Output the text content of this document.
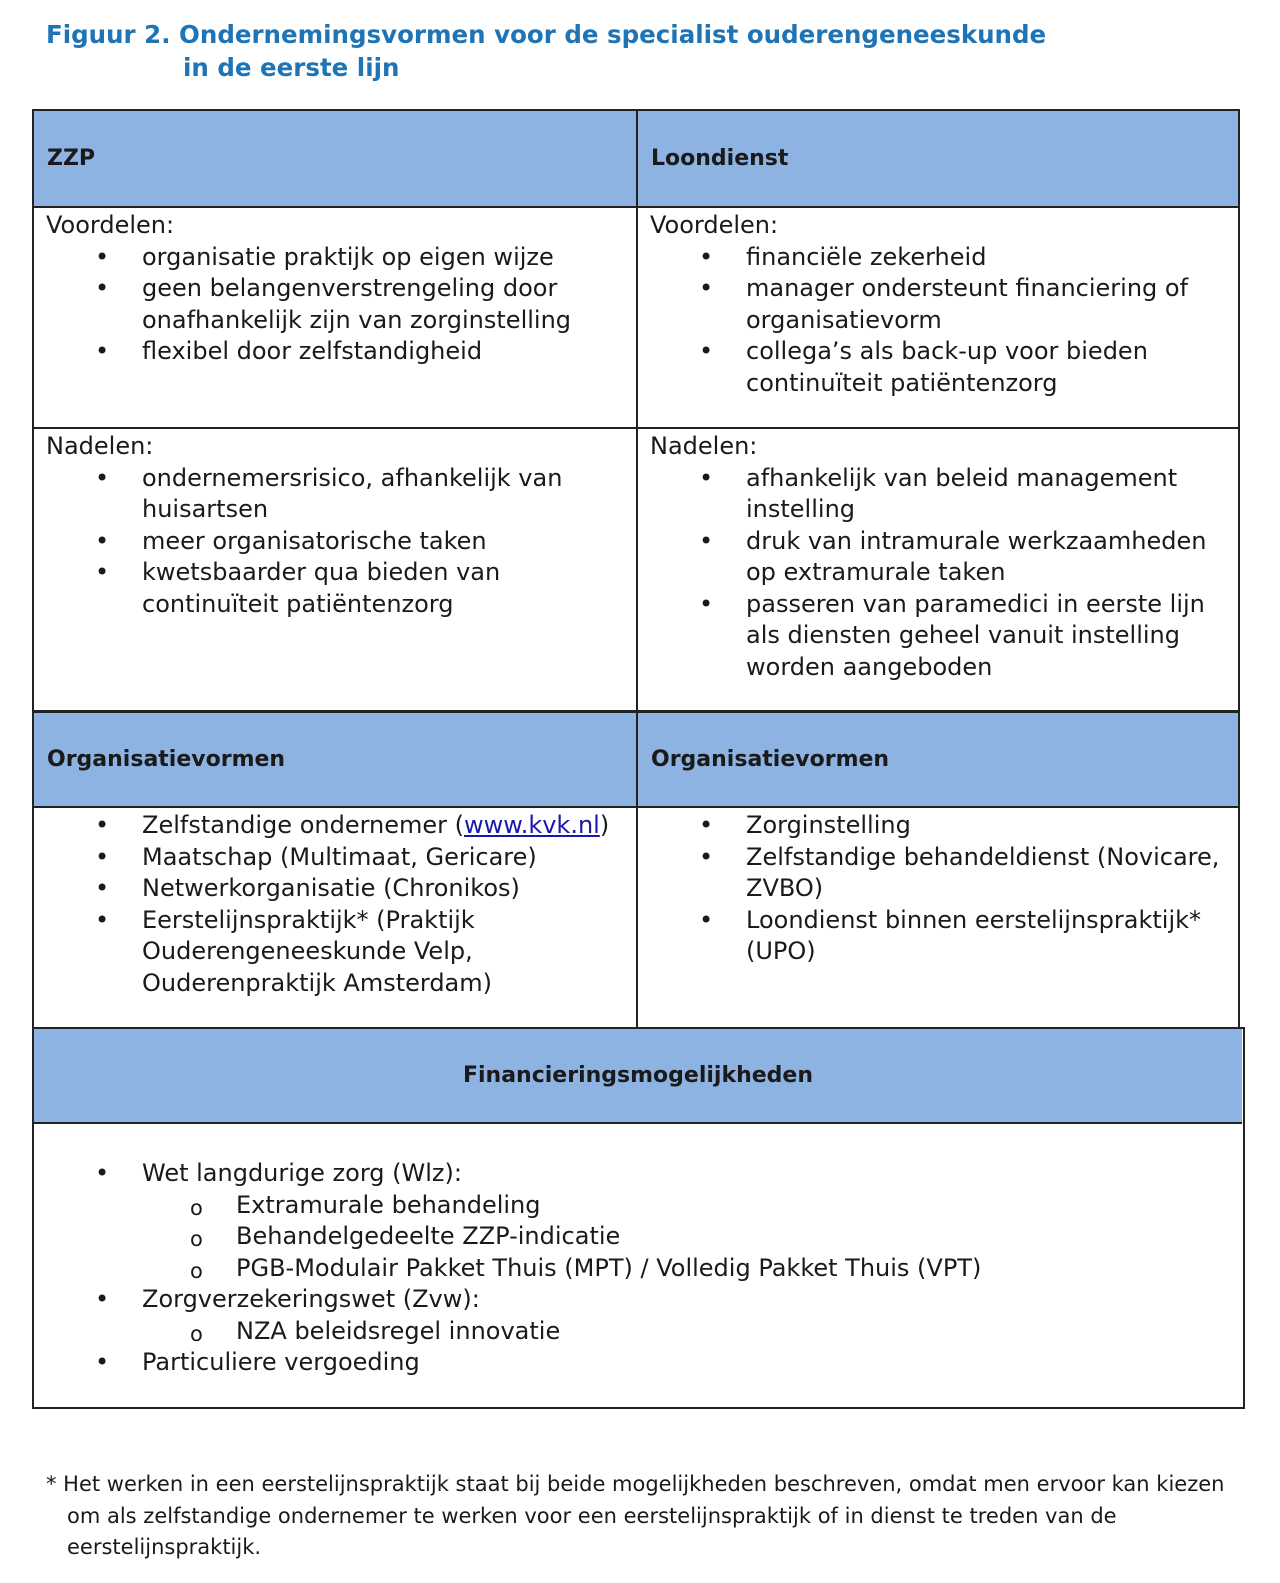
Figuur 2. Ondernemingsvormen voor de specialist ouderengeneeskunde
in de eerste lijn
ZZP	Loondienst
Voordelen:
• organisatie praktijk op eigen wijze
• geen belangenverstrengeling door onafhankelijk zijn van zorginstelling
• flexibel door zelfstandigheid
Voordelen:
• financiële zekerheid
• manager ondersteunt financiering of organisatievorm
• collega’s als back-up voor bieden continuïteit patiëntenzorg
Nadelen:
• ondernemersrisico, afhankelijk van huisartsen
• meer organisatorische taken
• kwetsbaarder qua bieden van continuïteit patiëntenzorg
Nadelen:
• afhankelijk van beleid management instelling
• druk van intramurale werkzaamheden op extramurale taken
• passeren van paramedici in eerste lijn als diensten geheel vanuit instelling worden aangeboden
Organisatievormen	Organisatievormen
• Zelfstandige ondernemer (www.kvk.nl)
• Maatschap (Multimaat, Gericare)
• Netwerkorganisatie (Chronikos)
• Eerstelijnspraktijk* (Praktijk Ouderengeneeskunde Velp, Ouderenpraktijk Amsterdam)
• Zorginstelling
• Zelfstandige behandeldienst (Novicare, ZVBO)
• Loondienst binnen eerstelijnspraktijk* (UPO)
Financieringsmogelijkheden
• Wet langdurige zorg (Wlz):
o Extramurale behandeling
o Behandelgedeelte ZZP-indicatie
o PGB-Modulair Pakket Thuis (MPT) / Volledig Pakket Thuis (VPT)
• Zorgverzekeringswet (Zvw):
o NZA beleidsregel innovatie
• Particuliere vergoeding
* Het werken in een eerstelijnspraktijk staat bij beide mogelijkheden beschreven, omdat men ervoor kan kiezen
om als zelfstandige ondernemer te werken voor een eerstelijnspraktijk of in dienst te treden van de
eerstelijnspraktijk.
